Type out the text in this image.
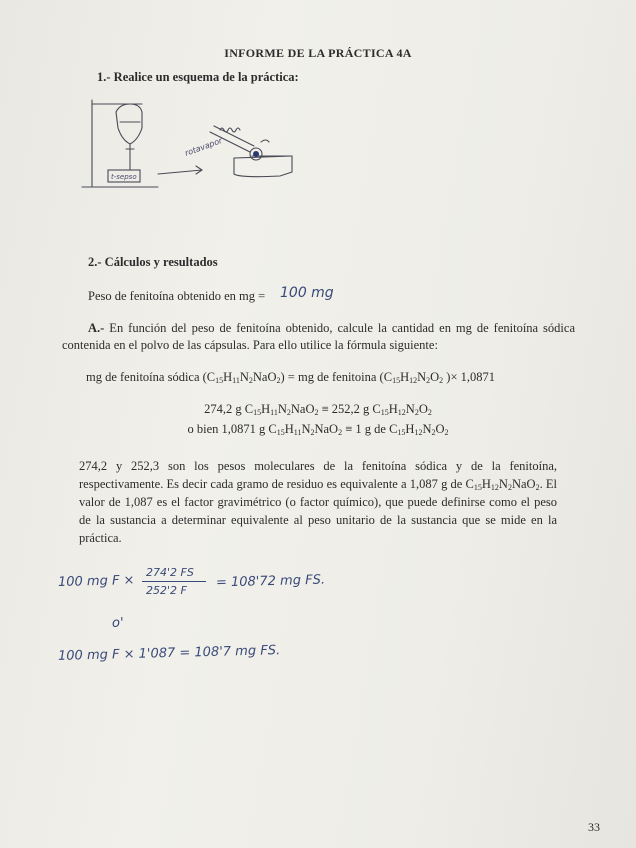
INFORME DE LA PRÁCTICA 4A
1.- Realice un esquema de la práctica:
t-sepso
rotavapor
2.- Cálculos y resultados
Peso de fenitoína obtenido en mg = 100 mg
A.- En función del peso de fenitoína obtenido, calcule la cantidad en mg de fenitoína sódica contenida en el polvo de las cápsulas. Para ello utilice la fórmula siguiente:
mg de fenitoína sódica $(C_{15}H_{11}N_2NaO_2)$ = mg de fenitoina ($C_{15}H_{12}N_2O_2$ )× 1,0871
274,2 g $C_{15}H_{11}N_2NaO_2 \equiv 252,2$ g $C_{15}H_{12}N_2O_2$
o bien 1,0871 g $C_{15}H_{11}N_2NaO_2 \equiv 1$ g de $C_{15}H_{12}N_2O_2$
274,2 y 252,3 son los pesos moleculares de la fenitoína sódica y de la fenitoína, respectivamente. Es decir cada gramo de residuo es equivalente a 1,087 g de $C_{15}H_{12}N_2NaO_2$. El valor de 1,087 es el factor gravimétrico (o factor químico), que puede definirse como el peso de la sustancia a determinar equivalente al peso unitario de la sustancia que se mide en la práctica.
100 mg F ×
274'2 FS
252'2 F
= 108'72 mg FS.
o'
100 mg F × 1'087 = 108'7 mg FS.
33
